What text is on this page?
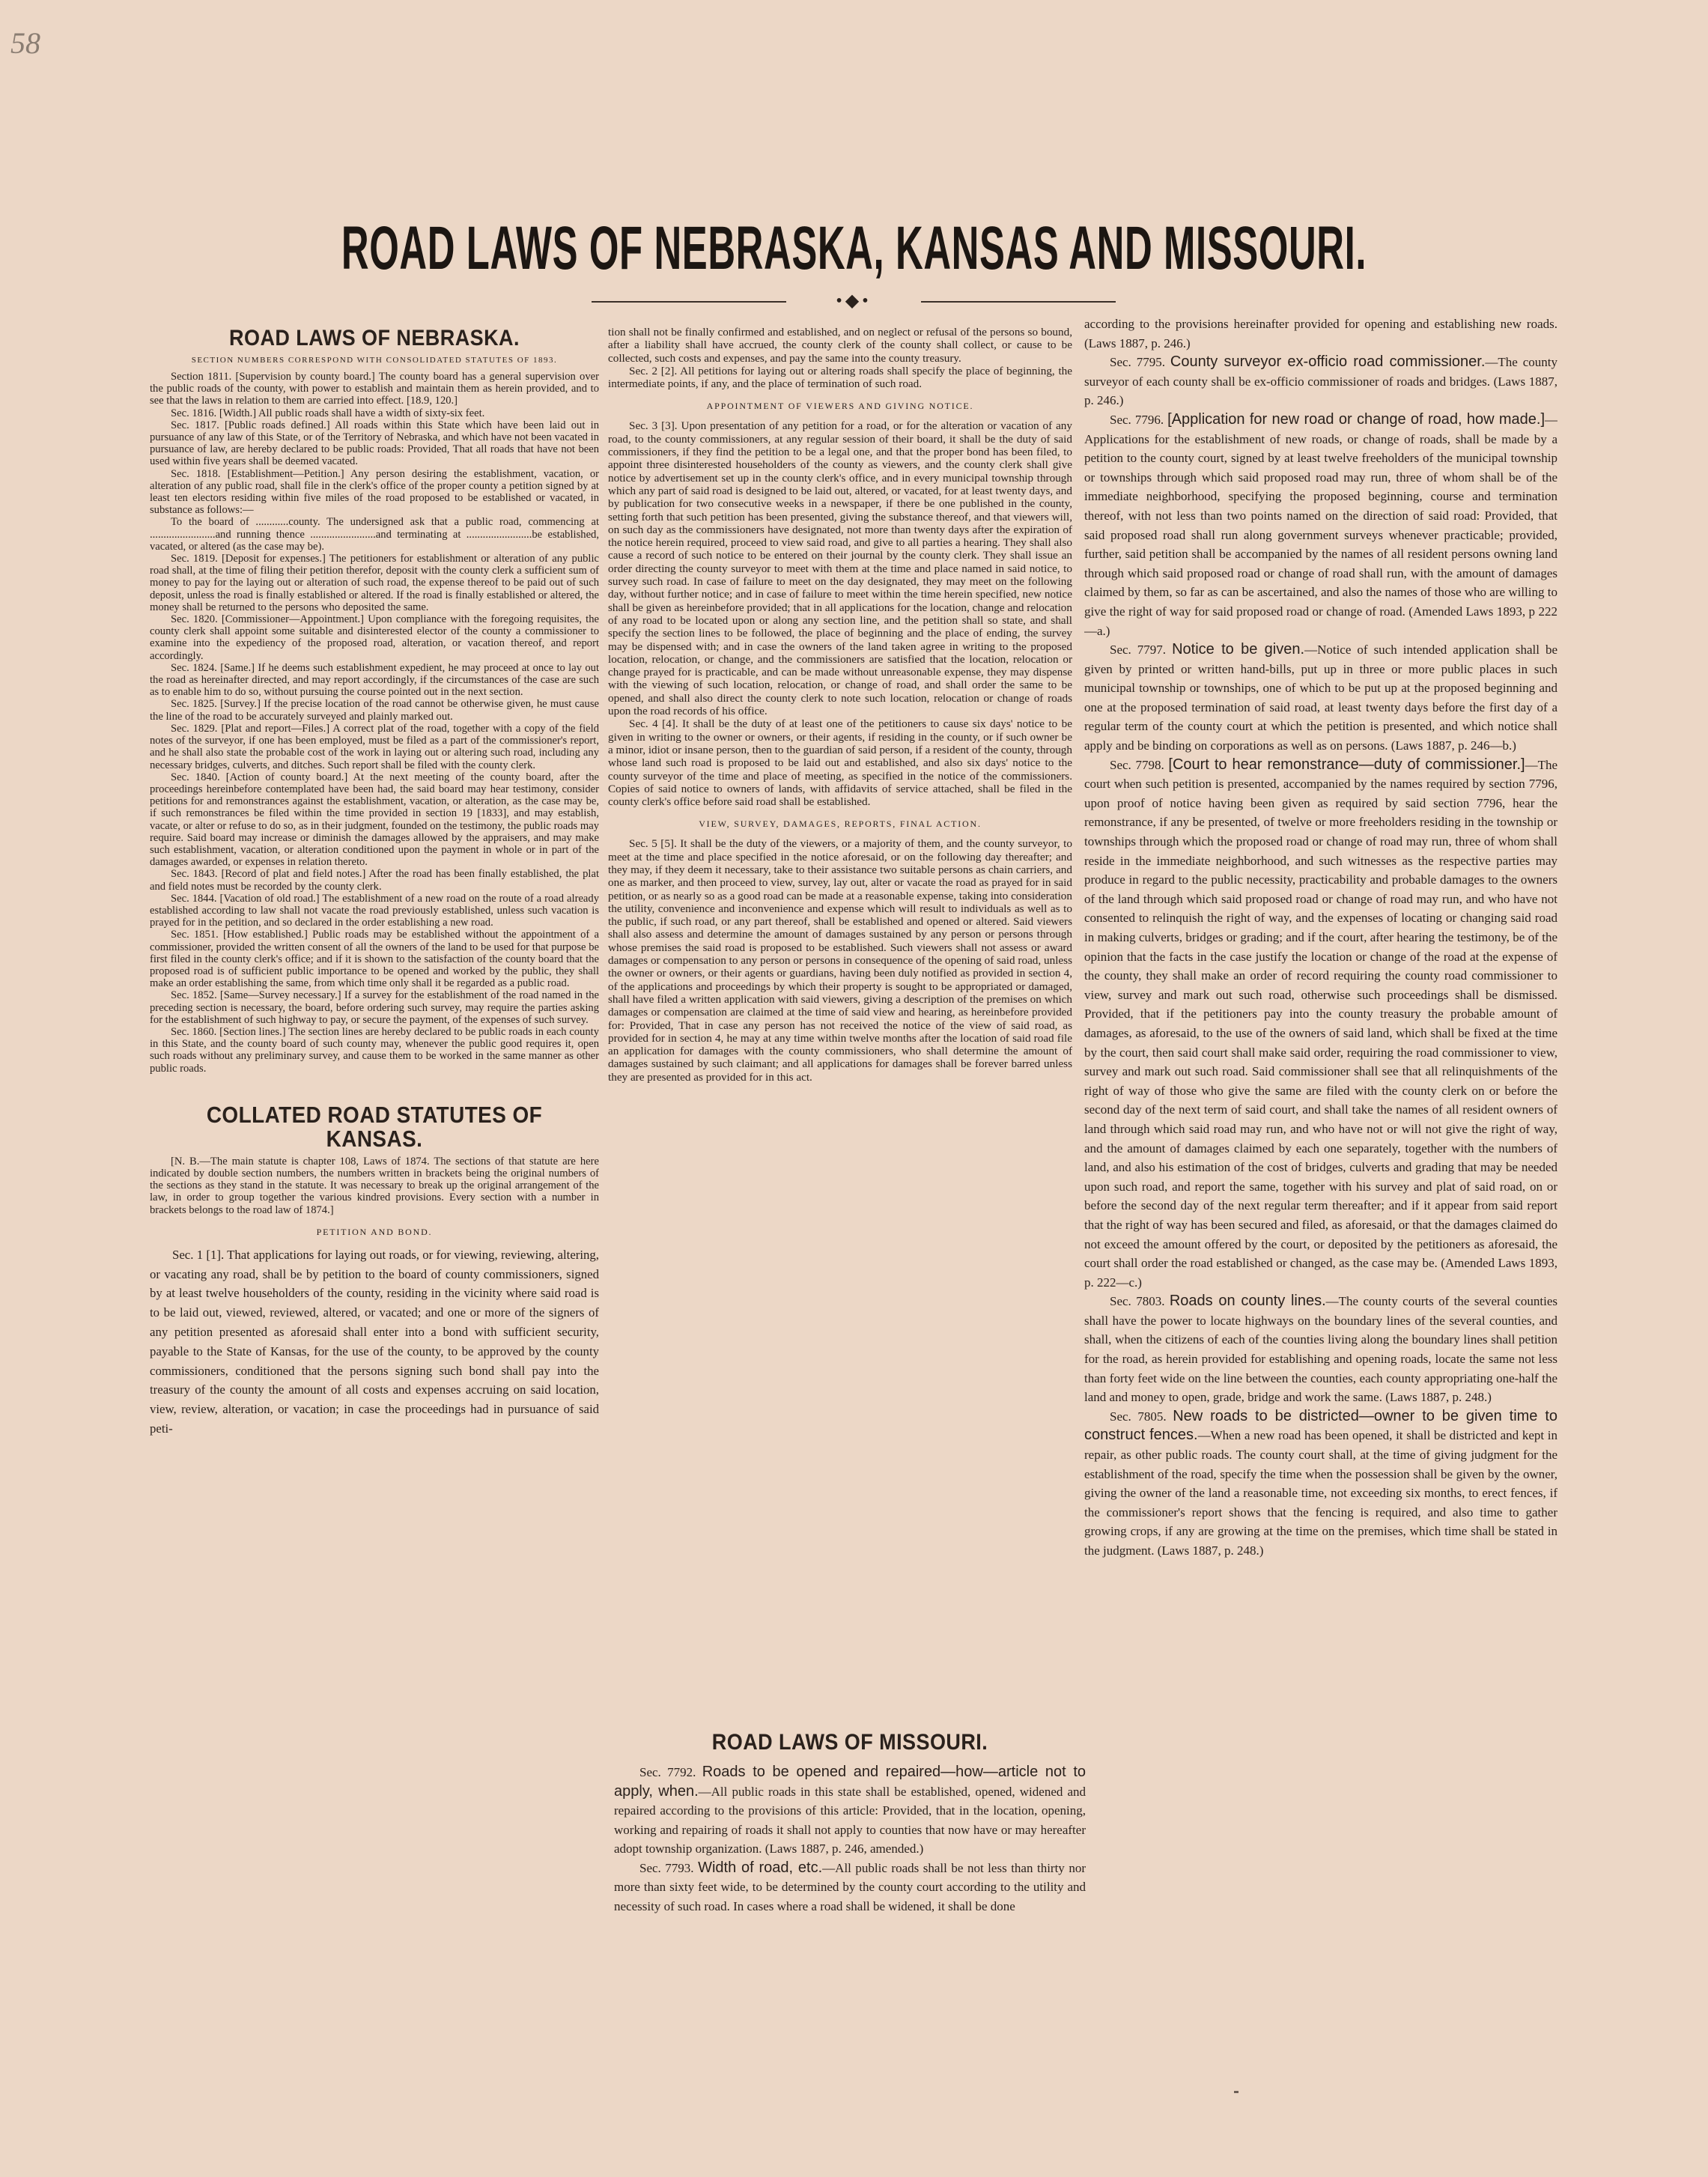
58
ROAD LAWS OF NEBRASKA, KANSAS AND MISSOURI.
•◆•
ROAD LAWS OF NEBRASKA.
SECTION NUMBERS CORRESPOND WITH CONSOLIDATED STATUTES OF 1893.

Section 1811. [Supervision by county board.] The county board has a general supervision over the public roads of the county, with power to establish and maintain them as herein provided, and to see that the laws in relation to them are carried into effect. [18.9, 120.]

Sec. 1816. [Width.] All public roads shall have a width of sixty-six feet.

Sec. 1817. [Public roads defined.] All roads within this State which have been laid out in pursuance of any law of this State, or of the Territory of Nebraska, and which have not been vacated in pursuance of law, are hereby declared to be public roads: Provided, That all roads that have not been used within five years shall be deemed vacated.

Sec. 1818. [Establishment—Petition.] Any person desiring the establishment, vacation, or alteration of any public road, shall file in the clerk's office of the proper county a petition signed by at least ten electors residing within five miles of the road proposed to be established or vacated, in substance as follows:—

To the board of ............county. The undersigned ask that a public road, commencing at ........................and running thence ........................and terminating at ........................be established, vacated, or altered (as the case may be).

Sec. 1819. [Deposit for expenses.] The petitioners for establishment or alteration of any public road shall, at the time of filing their petition therefor, deposit with the county clerk a sufficient sum of money to pay for the laying out or alteration of such road, the expense thereof to be paid out of such deposit, unless the road is finally established or altered. If the road is finally established or altered, the money shall be returned to the persons who deposited the same.

Sec. 1820. [Commissioner—Appointment.] Upon compliance with the foregoing requisites, the county clerk shall appoint some suitable and disinterested elector of the county a commissioner to examine into the expediency of the proposed road, alteration, or vacation thereof, and report accordingly.

Sec. 1824. [Same.] If he deems such establishment expedient, he may proceed at once to lay out the road as hereinafter directed, and may report accordingly, if the circumstances of the case are such as to enable him to do so, without pursuing the course pointed out in the next section.

Sec. 1825. [Survey.] If the precise location of the road cannot be otherwise given, he must cause the line of the road to be accurately surveyed and plainly marked out.

Sec. 1829. [Plat and report—Files.] A correct plat of the road, together with a copy of the field notes of the surveyor, if one has been employed, must be filed as a part of the commissioner's report, and he shall also state the probable cost of the work in laying out or altering such road, including any necessary bridges, culverts, and ditches. Such report shall be filed with the county clerk.

Sec. 1840. [Action of county board.] At the next meeting of the county board, after the proceedings hereinbefore contemplated have been had, the said board may hear testimony, consider petitions for and remonstrances against the establishment, vacation, or alteration, as the case may be, if such remonstrances be filed within the time provided in section 19 [1833], and may establish, vacate, or alter or refuse to do so, as in their judgment, founded on the testimony, the public roads may require. Said board may increase or diminish the damages allowed by the appraisers, and may make such establishment, vacation, or alteration conditioned upon the payment in whole or in part of the damages awarded, or expenses in relation thereto.

Sec. 1843. [Record of plat and field notes.] After the road has been finally established, the plat and field notes must be recorded by the county clerk.

Sec. 1844. [Vacation of old road.] The establishment of a new road on the route of a road already established according to law shall not vacate the road previously established, unless such vacation is prayed for in the petition, and so declared in the order establishing a new road.

Sec. 1851. [How established.] Public roads may be established without the appointment of a commissioner, provided the written consent of all the owners of the land to be used for that purpose be first filed in the county clerk's office; and if it is shown to the satisfaction of the county board that the proposed road is of sufficient public importance to be opened and worked by the public, they shall make an order establishing the same, from which time only shall it be regarded as a public road.

Sec. 1852. [Same—Survey necessary.] If a survey for the establishment of the road named in the preceding section is necessary, the board, before ordering such survey, may require the parties asking for the establishment of such highway to pay, or secure the payment, of the expenses of such survey.

Sec. 1860. [Section lines.] The section lines are hereby declared to be public roads in each county in this State, and the county board of such county may, whenever the public good requires it, open such roads without any preliminary survey, and cause them to be worked in the same manner as other public roads.

COLLATED ROAD STATUTES OF
KANSAS.

[N. B.—The main statute is chapter 108, Laws of 1874. The sections of that statute are here indicated by double section numbers, the numbers written in brackets being the original numbers of the sections as they stand in the statute. It was necessary to break up the original arrangement of the law, in order to group together the various kindred provisions. Every section with a number in brackets belongs to the road law of 1874.]

PETITION AND BOND.

Sec. 1 [1]. That applications for laying out roads, or for viewing, reviewing, altering, or vacating any road, shall be by petition to the board of county commissioners, signed by at least twelve householders of the county, residing in the vicinity where said road is to be laid out, viewed, reviewed, altered, or vacated; and one or more of the signers of any petition presented as aforesaid shall enter into a bond with sufficient security, payable to the State of Kansas, for the use of the county, to be approved by the county commissioners, conditioned that the persons signing such bond shall pay into the treasury of the county the amount of all costs and expenses accruing on said location, view, review, alteration, or vacation; in case the proceedings had in pursuance of said peti-

tion shall not be finally confirmed and established, and on neglect or refusal of the persons so bound, after a liability shall have accrued, the county clerk of the county shall collect, or cause to be collected, such costs and expenses, and pay the same into the county treasury.

Sec. 2 [2]. All petitions for laying out or altering roads shall specify the place of beginning, the intermediate points, if any, and the place of termination of such road.

APPOINTMENT OF VIEWERS AND GIVING NOTICE.

Sec. 3 [3]. Upon presentation of any petition for a road, or for the alteration or vacation of any road, to the county commissioners, at any regular session of their board, it shall be the duty of said commissioners, if they find the petition to be a legal one, and that the proper bond has been filed, to appoint three disinterested householders of the county as viewers, and the county clerk shall give notice by advertisement set up in the county clerk's office, and in every municipal township through which any part of said road is designed to be laid out, altered, or vacated, for at least twenty days, and by publication for two consecutive weeks in a newspaper, if there be one published in the county, setting forth that such petition has been presented, giving the substance thereof, and that viewers will, on such day as the commissioners have designated, not more than twenty days after the expiration of the notice herein required, proceed to view said road, and give to all parties a hearing. They shall also cause a record of such notice to be entered on their journal by the county clerk. They shall issue an order directing the county surveyor to meet with them at the time and place named in said notice, to survey such road. In case of failure to meet on the day designated, they may meet on the following day, without further notice; and in case of failure to meet within the time herein specified, new notice shall be given as hereinbefore provided; that in all applications for the location, change and relocation of any road to be located upon or along any section line, and the petition shall so state, and shall specify the section lines to be followed, the place of beginning and the place of ending, the survey may be dispensed with; and in case the owners of the land taken agree in writing to the proposed location, relocation, or change, and the commissioners are satisfied that the location, relocation or change prayed for is practicable, and can be made without unreasonable expense, they may dispense with the viewing of such location, relocation, or change of road, and shall order the same to be opened, and shall also direct the county clerk to note such location, relocation or change of roads upon the road records of his office.

Sec. 4 [4]. It shall be the duty of at least one of the petitioners to cause six days' notice to be given in writing to the owner or owners, or their agents, if residing in the county, or if such owner be a minor, idiot or insane person, then to the guardian of said person, if a resident of the county, through whose land such road is proposed to be laid out and established, and also six days' notice to the county surveyor of the time and place of meeting, as specified in the notice of the commissioners. Copies of said notice to owners of lands, with affidavits of service attached, shall be filed in the county clerk's office before said road shall be established.

VIEW, SURVEY, DAMAGES, REPORTS, FINAL ACTION.

Sec. 5 [5]. It shall be the duty of the viewers, or a majority of them, and the county surveyor, to meet at the time and place specified in the notice aforesaid, or on the following day thereafter; and they may, if they deem it necessary, take to their assistance two suitable persons as chain carriers, and one as marker, and then proceed to view, survey, lay out, alter or vacate the road as prayed for in said petition, or as nearly so as a good road can be made at a reasonable expense, taking into consideration the utility, convenience and inconvenience and expense which will result to individuals as well as to the public, if such road, or any part thereof, shall be established and opened or altered. Said viewers shall also assess and determine the amount of damages sustained by any person or persons through whose premises the said road is proposed to be established. Such viewers shall not assess or award damages or compensation to any person or persons in consequence of the opening of said road, unless the owner or owners, or their agents or guardians, having been duly notified as provided in section 4, of the applications and proceedings by which their property is sought to be appropriated or damaged, shall have filed a written application with said viewers, giving a description of the premises on which damages or compensation are claimed at the time of said view and hearing, as hereinbefore provided for: Provided, That in case any person has not received the notice of the view of said road, as provided for in section 4, he may at any time within twelve months after the location of said road file an application for damages with the county commissioners, who shall determine the amount of damages sustained by such claimant; and all applications for damages shall be forever barred unless they are presented as provided for in this act.

ROAD LAWS OF MISSOURI.

Sec. 7792. Roads to be opened and repaired—how—article not to apply, when.—All public roads in this state shall be established, opened, widened and repaired according to the provisions of this article: Provided, that in the location, opening, working and repairing of roads it shall not apply to counties that now have or may hereafter adopt township organization. (Laws 1887, p. 246, amended.)

Sec. 7793. Width of road, etc.—All public roads shall be not less than thirty nor more than sixty feet wide, to be determined by the county court according to the utility and necessity of such road. In cases where a road shall be widened, it shall be done

according to the provisions hereinafter provided for opening and establishing new roads. (Laws 1887, p. 246.)

Sec. 7795. County surveyor ex-officio road commissioner.—The county surveyor of each county shall be ex-officio commissioner of roads and bridges. (Laws 1887, p. 246.)

Sec. 7796. [Application for new road or change of road, how made.]—Applications for the establishment of new roads, or change of roads, shall be made by a petition to the county court, signed by at least twelve freeholders of the municipal township or townships through which said proposed road may run, three of whom shall be of the immediate neighborhood, specifying the proposed beginning, course and termination thereof, with not less than two points named on the direction of said road: Provided, that said proposed road shall run along government surveys whenever practicable; provided, further, said petition shall be accompanied by the names of all resident persons owning land through which said proposed road or change of road shall run, with the amount of damages claimed by them, so far as can be ascertained, and also the names of those who are willing to give the right of way for said proposed road or change of road. (Amended Laws 1893, p 222—a.)

Sec. 7797. Notice to be given.—Notice of such intended application shall be given by printed or written hand-bills, put up in three or more public places in such municipal township or townships, one of which to be put up at the proposed beginning and one at the proposed termination of said road, at least twenty days before the first day of a regular term of the county court at which the petition is presented, and which notice shall apply and be binding on corporations as well as on persons. (Laws 1887, p. 246—b.)

Sec. 7798. [Court to hear remonstrance—duty of commissioner.]—The court when such petition is presented, accompanied by the names required by section 7796, upon proof of notice having been given as required by said section 7796, hear the remonstrance, if any be presented, of twelve or more freeholders residing in the township or townships through which the proposed road or change of road may run, three of whom shall reside in the immediate neighborhood, and such witnesses as the respective parties may produce in regard to the public necessity, practicability and probable damages to the owners of the land through which said proposed road or change of road may run, and who have not consented to relinquish the right of way, and the expenses of locating or changing said road in making culverts, bridges or grading; and if the court, after hearing the testimony, be of the opinion that the facts in the case justify the location or change of the road at the expense of the county, they shall make an order of record requiring the county road commissioner to view, survey and mark out such road, otherwise such proceedings shall be dismissed. Provided, that if the petitioners pay into the county treasury the probable amount of damages, as aforesaid, to the use of the owners of said land, which shall be fixed at the time by the court, then said court shall make said order, requiring the road commissioner to view, survey and mark out such road. Said commissioner shall see that all relinquishments of the right of way of those who give the same are filed with the county clerk on or before the second day of the next term of said court, and shall take the names of all resident owners of land through which said road may run, and who have not or will not give the right of way, and the amount of damages claimed by each one separately, together with the numbers of land, and also his estimation of the cost of bridges, culverts and grading that may be needed upon such road, and report the same, together with his survey and plat of said road, on or before the second day of the next regular term thereafter; and if it appear from said report that the right of way has been secured and filed, as aforesaid, or that the damages claimed do not exceed the amount offered by the court, or deposited by the petitioners as aforesaid, the court shall order the road established or changed, as the case may be. (Amended Laws 1893, p. 222—c.)

Sec. 7803. Roads on county lines.—The county courts of the several counties shall have the power to locate highways on the boundary lines of the several counties, and shall, when the citizens of each of the counties living along the boundary lines shall petition for the road, as herein provided for establishing and opening roads, locate the same not less than forty feet wide on the line between the counties, each county appropriating one-half the land and money to open, grade, bridge and work the same. (Laws 1887, p. 248.)

Sec. 7805. New roads to be districted—owner to be given time to construct fences.—When a new road has been opened, it shall be districted and kept in repair, as other public roads. The county court shall, at the time of giving judgment for the establishment of the road, specify the time when the possession shall be given by the owner, giving the owner of the land a reasonable time, not exceeding six months, to erect fences, if the commissioner's report shows that the fencing is required, and also time to gather growing crops, if any are growing at the time on the premises, which time shall be stated in the judgment. (Laws 1887, p. 248.)
